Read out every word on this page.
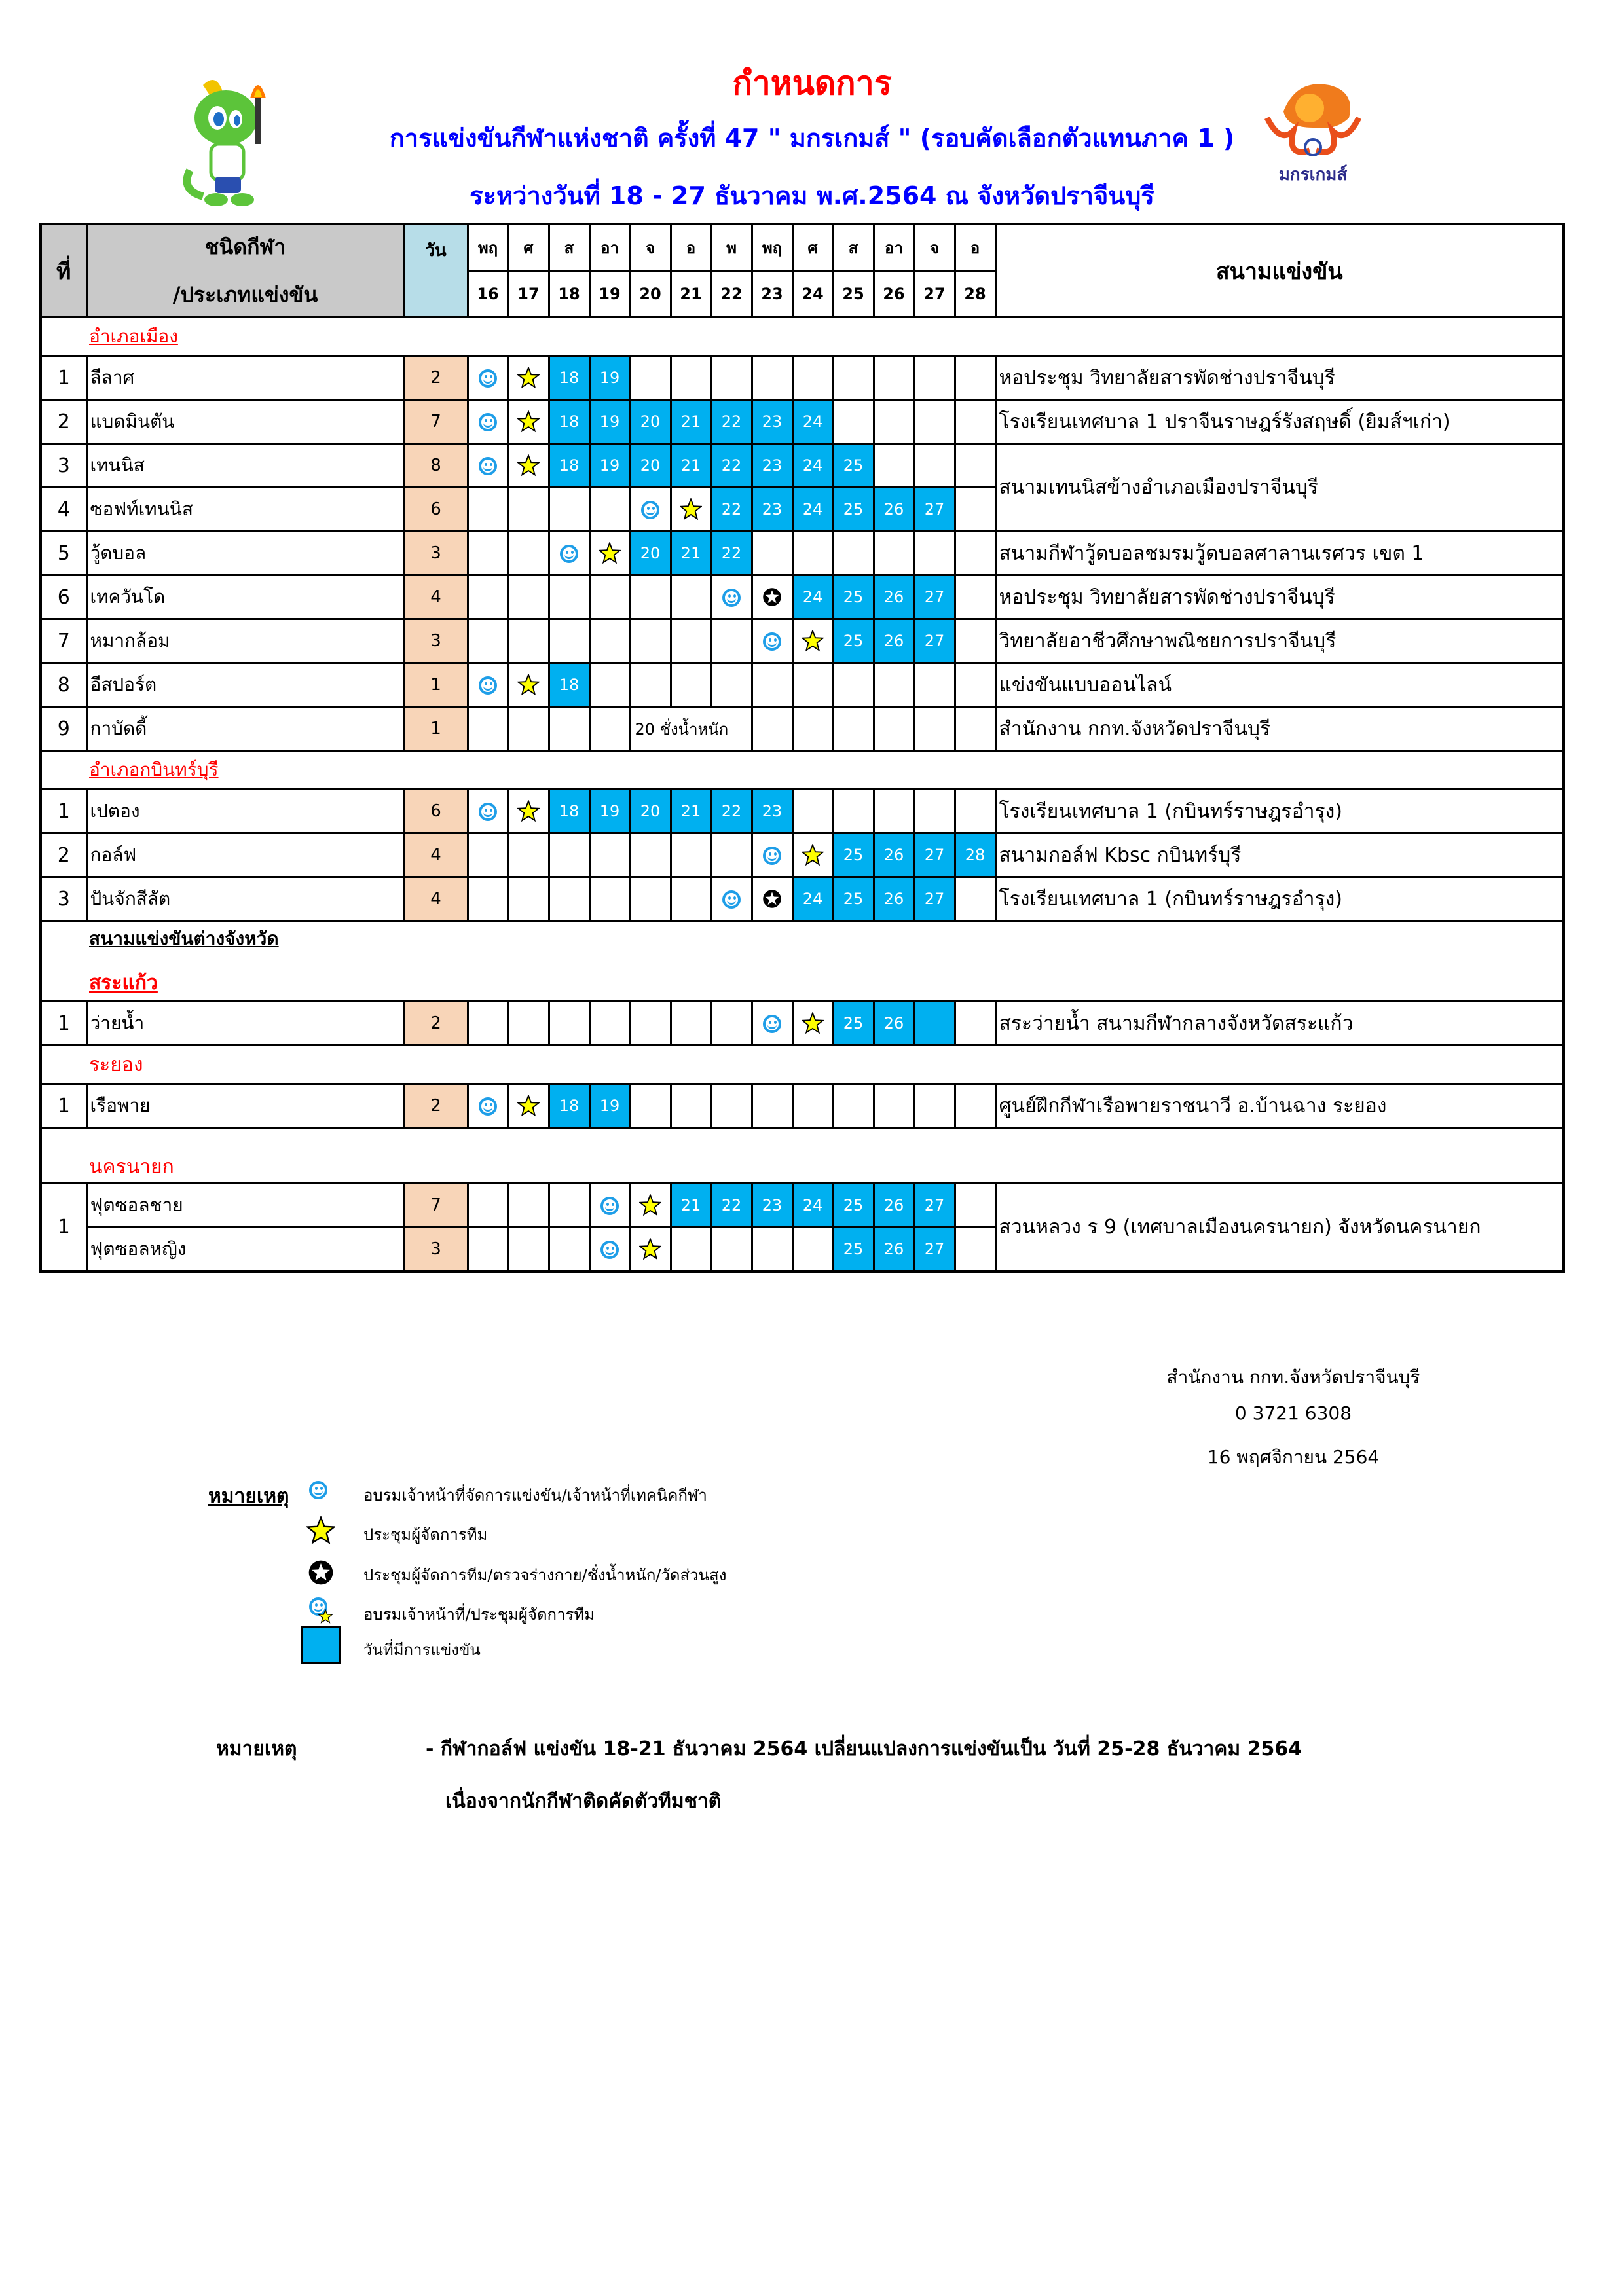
กำหนดการ
การแข่งขันกีฬาแห่งชาติ ครั้งที่ 47 " มกรเกมส์ " (รอบคัดเลือกตัวแทนภาค 1 )
ระหว่างวันที่ 18 - 27 ธันวาคม พ.ศ.2564 ณ จังหวัดปราจีนบุรี
มกรเกมส์
ที่	ชนิดกีฬา
/ประเภทแข่งขัน	วัน	พฤ	ศ	ส	อา	จ	อ	พ	พฤ	ศ	ส	อา	จ	อ	สนามแข่งขัน
			16	17	18	19	20	21	22	23	24	25	26	27	28	
อำเภอเมือง																
1	ลีลาศ	2			18	19										หอประชุม วิทยาลัยสารพัดช่างปราจีนบุรี
2	แบดมินตัน	7			18	19	20	21	22	23	24					โรงเรียนเทศบาล 1 ปราจีนราษฎร์รังสฤษดิ์ (ยิมส์ฯเก่า)
3	เทนนิส	8			18	19	20	21	22	23	24	25				สนามเทนนิสข้างอำเภอเมืองปราจีนบุรี
4	ซอฟท์เทนนิส	6							22	23	24	25	26	27		
5	วู้ดบอล	3					20	21	22							สนามกีฬาวู้ดบอลชมรมวู้ดบอลศาลานเรศวร เขต 1
6	เทควันโด	4									24	25	26	27		หอประชุม วิทยาลัยสารพัดช่างปราจีนบุรี
7	หมากล้อม	3										25	26	27		วิทยาลัยอาชีวศึกษาพณิชยการปราจีนบุรี
8	อีสปอร์ต	1			18											แข่งขันแบบออนไลน์
9	กาบัดดี้	1					20 ชั่งน้ำหนัก									สำนักงาน กกท.จังหวัดปราจีนบุรี
อำเภอกบินทร์บุรี																
1	เปตอง	6			18	19	20	21	22	23						โรงเรียนเทศบาล 1 (กบินทร์ราษฎรอำรุง)
2	กอล์ฟ	4										25	26	27	28	สนามกอล์ฟ Kbsc กบินทร์บุรี
3	ปันจักสีลัต	4									24	25	26	27		โรงเรียนเทศบาล 1 (กบินทร์ราษฎรอำรุง)

สนามแข่งขันต่างจังหวัด
สระแก้ว																

1	ว่ายน้ำ	2										25	26			สระว่ายน้ำ สนามกีฬากลางจังหวัดสระแก้ว
ระยอง																
1	เรือพาย	2			18	19										ศูนย์ฝึกกีฬาเรือพายราชนาวี อ.บ้านฉาง ระยอง
นครนายก																
1	ฟุตซอลชาย	7						21	22	23	24	25	26	27		สวนหลวง ร 9 (เทศบาลเมืองนครนายก) จังหวัดนครนายก
	ฟุตซอลหญิง	3										25	26	27		
สำนักงาน กกท.จังหวัดปราจีนบุรี
0 3721 6308
16 พฤศจิกายน 2564
หมายเหตุ	อบรมเจ้าหน้าที่จัดการแข่งขัน/เจ้าหน้าที่เทคนิคกีฬา
ประชุมผู้จัดการทีม
ประชุมผู้จัดการทีม/ตรวจร่างกาย/ชั่งน้ำหนัก/วัดส่วนสูง
อบรมเจ้าหน้าที่/ประชุมผู้จัดการทีม
วันที่มีการแข่งขัน
หมายเหตุ	- กีฬากอล์ฟ แข่งขัน 18-21 ธันวาคม 2564 เปลี่ยนแปลงการแข่งขันเป็น วันที่ 25-28 ธันวาคม 2564
เนื่องจากนักกีฬาติดคัดตัวทีมชาติ
